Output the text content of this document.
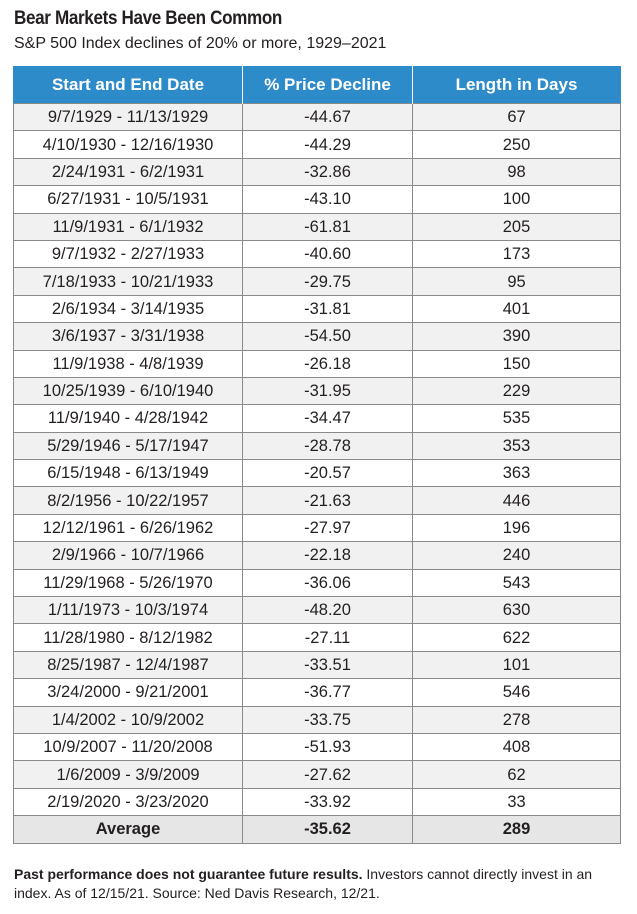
Bear Markets Have Been Common
S&P 500 Index declines of 20% or more, 1929–2021
Start and End Date	% Price Decline	Length in Days
9/7/1929 - 11/13/1929	-44.67	67
4/10/1930 - 12/16/1930	-44.29	250
2/24/1931 - 6/2/1931	-32.86	98
6/27/1931 - 10/5/1931	-43.10	100
11/9/1931 - 6/1/1932	-61.81	205
9/7/1932 - 2/27/1933	-40.60	173
7/18/1933 - 10/21/1933	-29.75	95
2/6/1934 - 3/14/1935	-31.81	401
3/6/1937 - 3/31/1938	-54.50	390
11/9/1938 - 4/8/1939	-26.18	150
10/25/1939 - 6/10/1940	-31.95	229
11/9/1940 - 4/28/1942	-34.47	535
5/29/1946 - 5/17/1947	-28.78	353
6/15/1948 - 6/13/1949	-20.57	363
8/2/1956 - 10/22/1957	-21.63	446
12/12/1961 - 6/26/1962	-27.97	196
2/9/1966 - 10/7/1966	-22.18	240
11/29/1968 - 5/26/1970	-36.06	543
1/11/1973 - 10/3/1974	-48.20	630
11/28/1980 - 8/12/1982	-27.11	622
8/25/1987 - 12/4/1987	-33.51	101
3/24/2000 - 9/21/2001	-36.77	546
1/4/2002 - 10/9/2002	-33.75	278
10/9/2007 - 11/20/2008	-51.93	408
1/6/2009 - 3/9/2009	-27.62	62
2/19/2020 - 3/23/2020	-33.92	33
Average	-35.62	289
Past performance does not guarantee future results. Investors cannot directly invest in an index. As of 12/15/21. Source: Ned Davis Research, 12/21.
